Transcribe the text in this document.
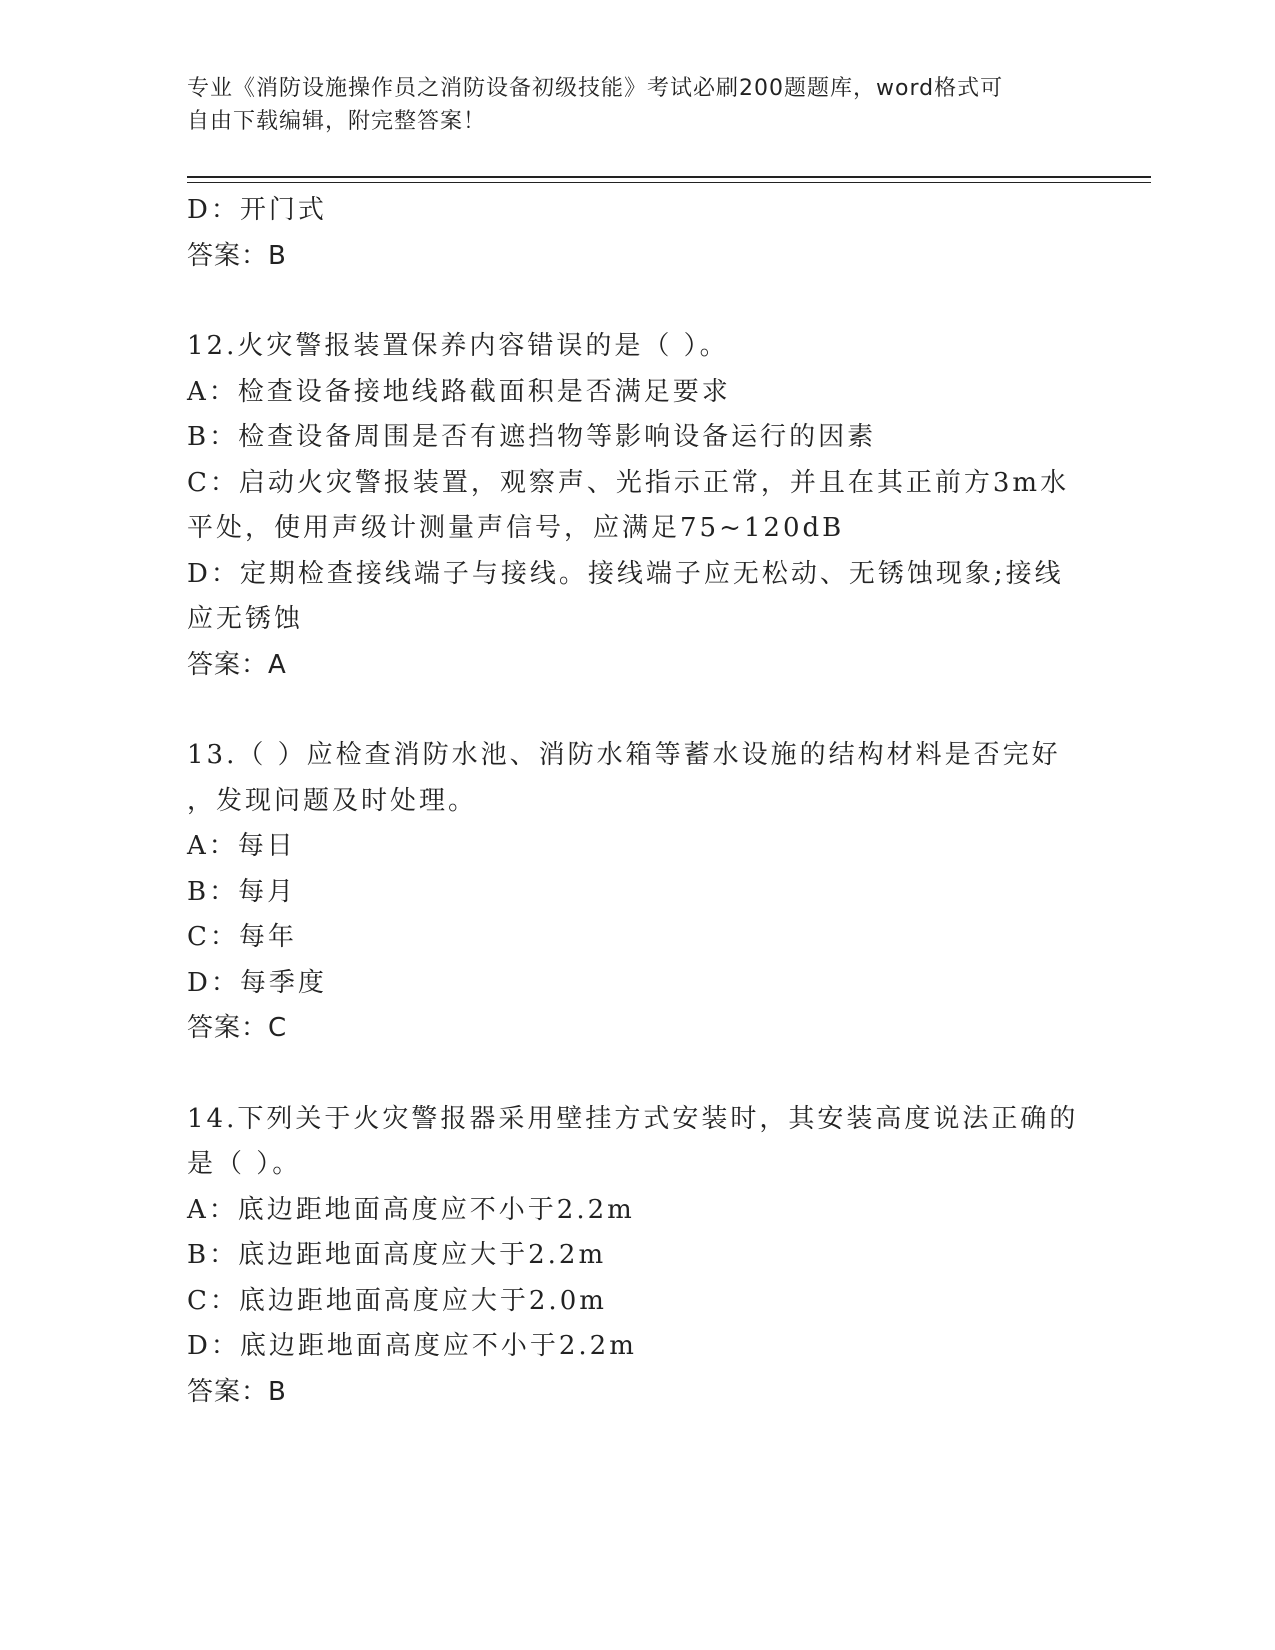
专业《消防设施操作员之消防设备初级技能》考试必刷200题题库，word格式可
自由下载编辑，附完整答案！
D：开门式
答案：B
12.火灾警报装置保养内容错误的是（ ）。
A：检查设备接地线路截面积是否满足要求
B：检查设备周围是否有遮挡物等影响设备运行的因素
C：启动火灾警报装置，观察声、光指示正常，并且在其正前方3m水
平处，使用声级计测量声信号，应满足75~120dB
D：定期检查接线端子与接线。接线端子应无松动、无锈蚀现象;接线
应无锈蚀
答案：A
13.（ ）应检查消防水池、消防水箱等蓄水设施的结构材料是否完好
，发现问题及时处理。
A：每日
B：每月
C：每年
D：每季度
答案：C
14.下列关于火灾警报器采用壁挂方式安装时，其安装高度说法正确的
是（ ）。
A：底边距地面高度应不小于2.2m
B：底边距地面高度应大于2.2m
C：底边距地面高度应大于2.0m
D：底边距地面高度应不小于2.2m
答案：B
